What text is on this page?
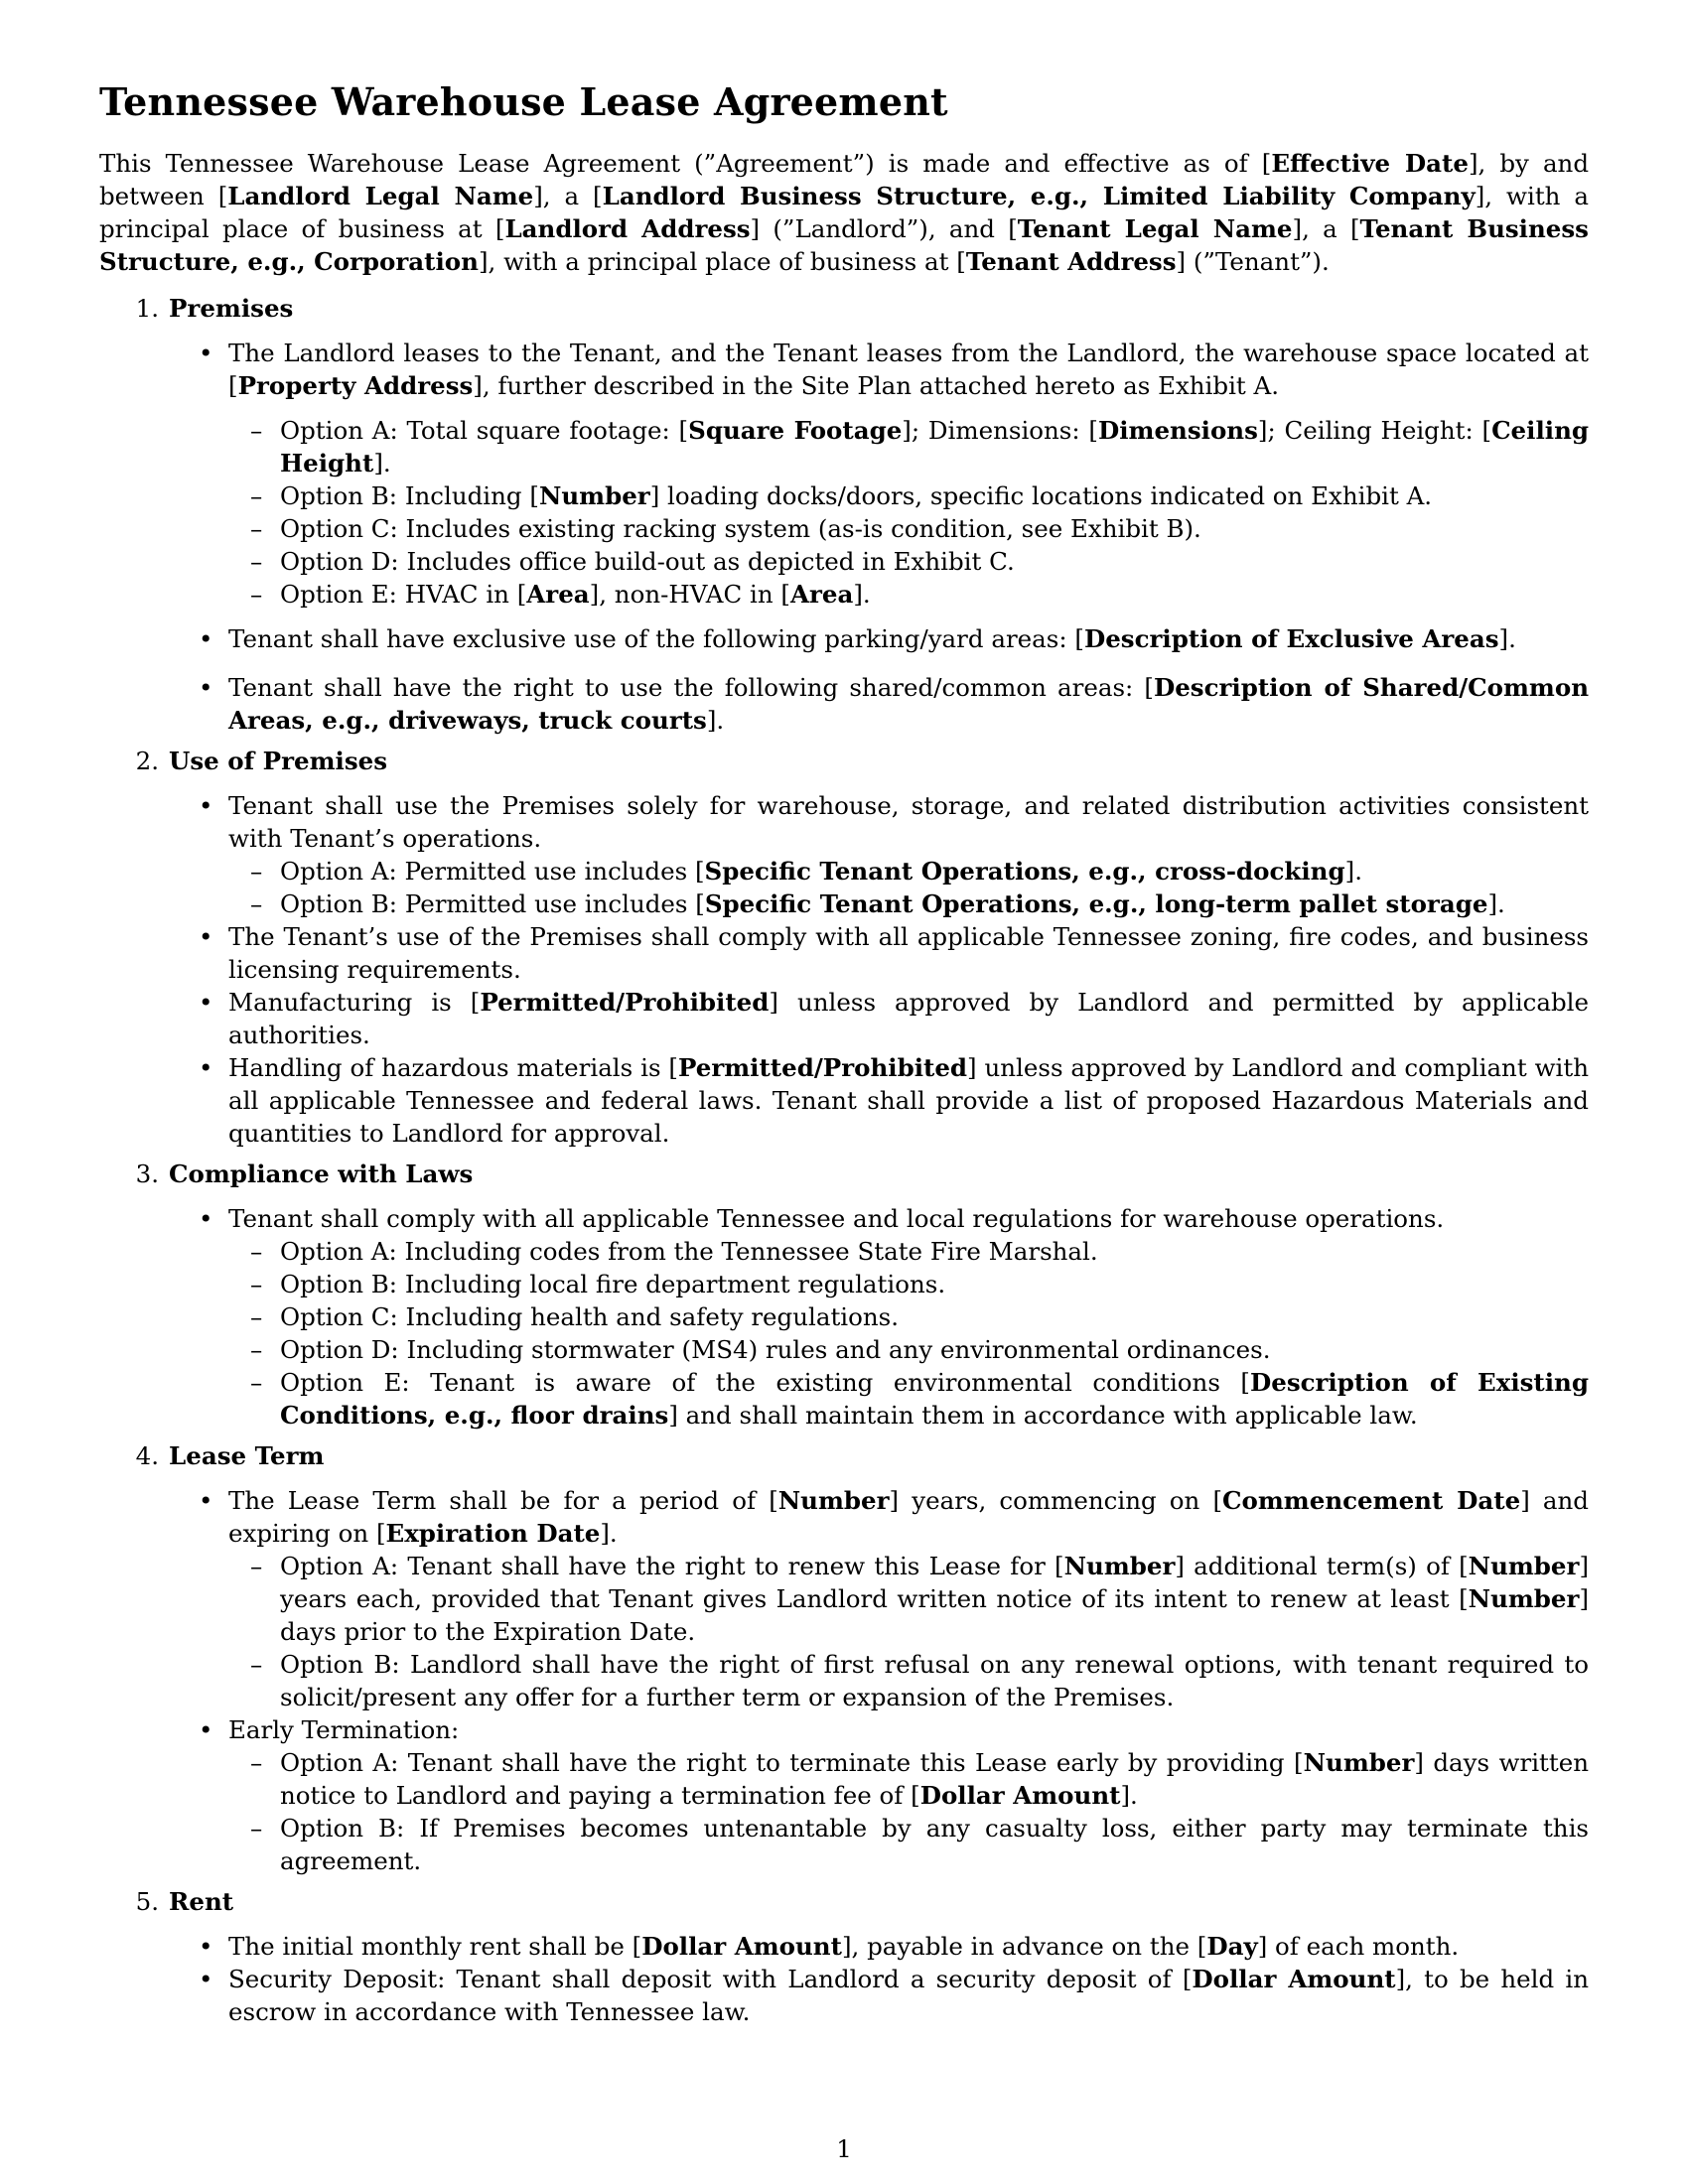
Tennessee Warehouse Lease Agreement

This Tennessee Warehouse Lease Agreement (”Agreement”) is made and effective as of [Effective Date], by and between [Landlord Legal Name], a [Landlord Business Structure, e.g., Limited Liability Company], with a principal place of business at [Landlord Address] (”Landlord”), and [Tenant Legal Name], a [Tenant Business Structure, e.g., Corporation], with a principal place of business at [Tenant Address] (”Tenant”).

1. Premises
• The Landlord leases to the Tenant, and the Tenant leases from the Landlord, the warehouse space located at [Property Address], further described in the Site Plan attached hereto as Exhibit A.
– Option A: Total square footage: [Square Footage]; Dimensions: [Dimensions]; Ceiling Height: [Ceiling Height].
– Option B: Including [Number] loading docks/doors, specific locations indicated on Exhibit A.
– Option C: Includes existing racking system (as-is condition, see Exhibit B).
– Option D: Includes office build-out as depicted in Exhibit C.
– Option E: HVAC in [Area], non-HVAC in [Area].
• Tenant shall have exclusive use of the following parking/yard areas: [Description of Exclusive Areas].
• Tenant shall have the right to use the following shared/common areas: [Description of Shared/Common Areas, e.g., driveways, truck courts].
2. Use of Premises
• Tenant shall use the Premises solely for warehouse, storage, and related distribution activities consistent with Tenant’s operations.
– Option A: Permitted use includes [Specific Tenant Operations, e.g., cross-docking].
– Option B: Permitted use includes [Specific Tenant Operations, e.g., long-term pallet storage].
• The Tenant’s use of the Premises shall comply with all applicable Tennessee zoning, fire codes, and business licensing requirements.
• Manufacturing is [Permitted/Prohibited] unless approved by Landlord and permitted by applicable authorities.
• Handling of hazardous materials is [Permitted/Prohibited] unless approved by Landlord and compliant with all applicable Tennessee and federal laws. Tenant shall provide a list of proposed Hazardous Materials and quantities to Landlord for approval.
3. Compliance with Laws
• Tenant shall comply with all applicable Tennessee and local regulations for warehouse operations.
– Option A: Including codes from the Tennessee State Fire Marshal.
– Option B: Including local fire department regulations.
– Option C: Including health and safety regulations.
– Option D: Including stormwater (MS4) rules and any environmental ordinances.
– Option E: Tenant is aware of the existing environmental conditions [Description of Existing Conditions, e.g., floor drains] and shall maintain them in accordance with applicable law.
4. Lease Term
• The Lease Term shall be for a period of [Number] years, commencing on [Commencement Date] and expiring on [Expiration Date].
– Option A: Tenant shall have the right to renew this Lease for [Number] additional term(s) of [Number] years each, provided that Tenant gives Landlord written notice of its intent to renew at least [Number] days prior to the Expiration Date.
– Option B: Landlord shall have the right of first refusal on any renewal options, with tenant required to solicit/present any offer for a further term or expansion of the Premises.
• Early Termination:
– Option A: Tenant shall have the right to terminate this Lease early by providing [Number] days written notice to Landlord and paying a termination fee of [Dollar Amount].
– Option B: If Premises becomes untenantable by any casualty loss, either party may terminate this agreement.
5. Rent
• The initial monthly rent shall be [Dollar Amount], payable in advance on the [Day] of each month.
• Security Deposit: Tenant shall deposit with Landlord a security deposit of [Dollar Amount], to be held in escrow in accordance with Tennessee law.
1
